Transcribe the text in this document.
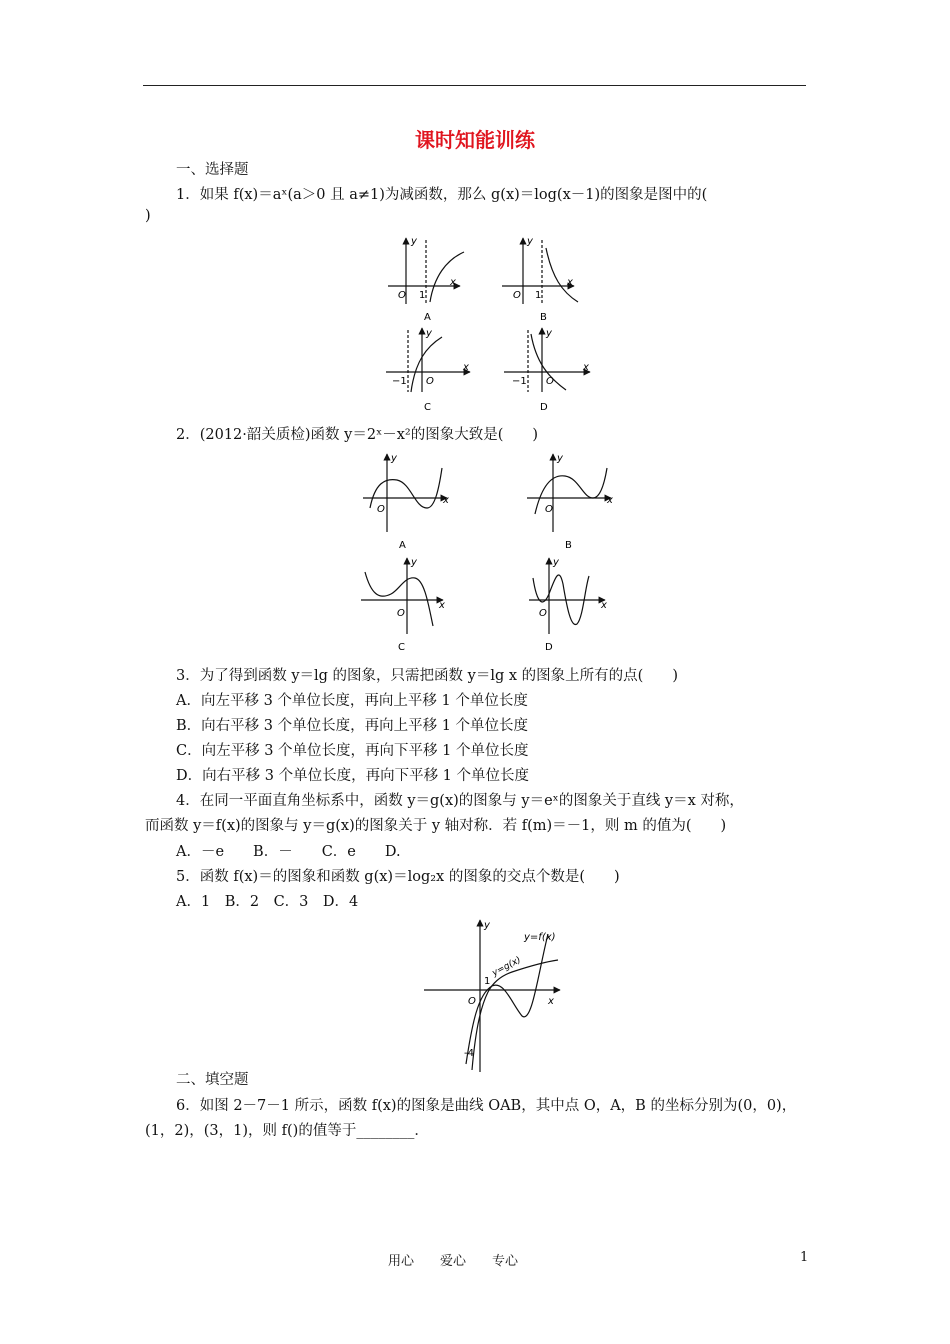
课时知能训练
一、选择题
1．如果 f(x)＝aˣ(a＞0 且 a≠1)为减函数，那么 g(x)＝log(x－1)的图象是图中的(
)
y
x
O 1
A
y
x
O 1
B
y
x
O
−1
C
y
x
O
−1
D
2．(2012·韶关质检)函数 y＝2ˣ－x²的图象大致是(　　)
y
x
O
A
y
x
O
B
y
x
O
C
y
x
O
D
3．为了得到函数 y＝lg 的图象，只需把函数 y＝lg x 的图象上所有的点(　　)
A．向左平移 3 个单位长度，再向上平移 1 个单位长度
B．向右平移 3 个单位长度，再向上平移 1 个单位长度
C．向左平移 3 个单位长度，再向下平移 1 个单位长度
D．向右平移 3 个单位长度，再向下平移 1 个单位长度
4．在同一平面直角坐标系中，函数 y＝g(x)的图象与 y＝eˣ的图象关于直线 y＝x 对称，
而函数 y＝f(x)的图象与 y＝g(x)的图象关于 y 轴对称．若 f(m)＝－1，则 m 的值为(　　)
A．－e　　B．－　　C．e　　D.
5．函数 f(x)＝的图象和函数 g(x)＝log₂x 的图象的交点个数是(　　)
A．1　B．2　C．3　D．4
y
x
O
1
-4
y=f(x)
y=g(x)
二、填空题
6．如图 2－7－1 所示，函数 f(x)的图象是曲线 OAB，其中点 O，A，B 的坐标分别为(0，0)，
(1，2)，(3，1)，则 f()的值等于________．
用心　　爱心　　专心	1
